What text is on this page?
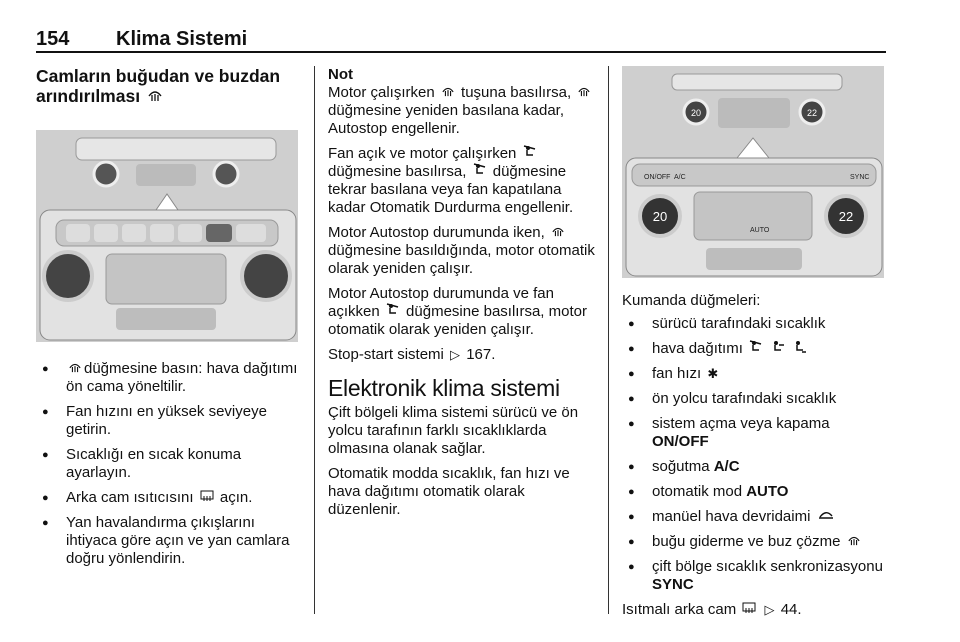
154 Klima Sistemi
Camların buğudan ve buzdan arındırılması
● düğmesine basın: hava dağıtımı ön cama yöneltilir.
● Fan hızını en yüksek seviyeye getirin.
● Sıcaklığı en sıcak konuma ayarlayın.
● Arka cam ısıtıcısını açın.
● Yan havalandırma çıkışlarını ihtiyaca göre açın ve yan camlara doğru yönlendirin.
Not

Motor çalışırken tuşuna basılırsa,  düğmesine yeniden basılana kadar, Autostop engellenir.

Fan açık ve motor çalışırken  düğmesine basılırsa, düğmesine tekrar basılana veya fan kapatılana kadar Otomatik Durdurma engellenir.

Motor Autostop durumunda iken,  düğmesine basıldığında, motor otomatik olarak yeniden çalışır.

Motor Autostop durumunda ve fan açıkken düğmesine basılırsa, motor otomatik olarak yeniden çalışır.

Stop-start sistemi ▷ 167.

Elektronik klima sistemi

Çift bölgeli klima sistemi sürücü ve ön yolcu tarafının farklı sıcaklıklarda olmasına olanak sağlar.

Otomatik modda sıcaklık, fan hızı ve hava dağıtımı otomatik olarak düzenlenir.

20	22
ON/OFF A/C	SYNC
20	22
AUTO

Kumanda düğmeleri:

● sürücü tarafındaki sıcaklık
● hava dağıtımı
● fan hızı ✱
● ön yolcu tarafındaki sıcaklık
● sistem açma veya kapama
ON/OFF
● soğutma A/C
● otomatik mod AUTO
● manüel hava devridaimi
● buğu giderme ve buz çözme
● çift bölge sıcaklık senkronizasyonu SYNC

Isıtmalı arka cam ▷ 44.
